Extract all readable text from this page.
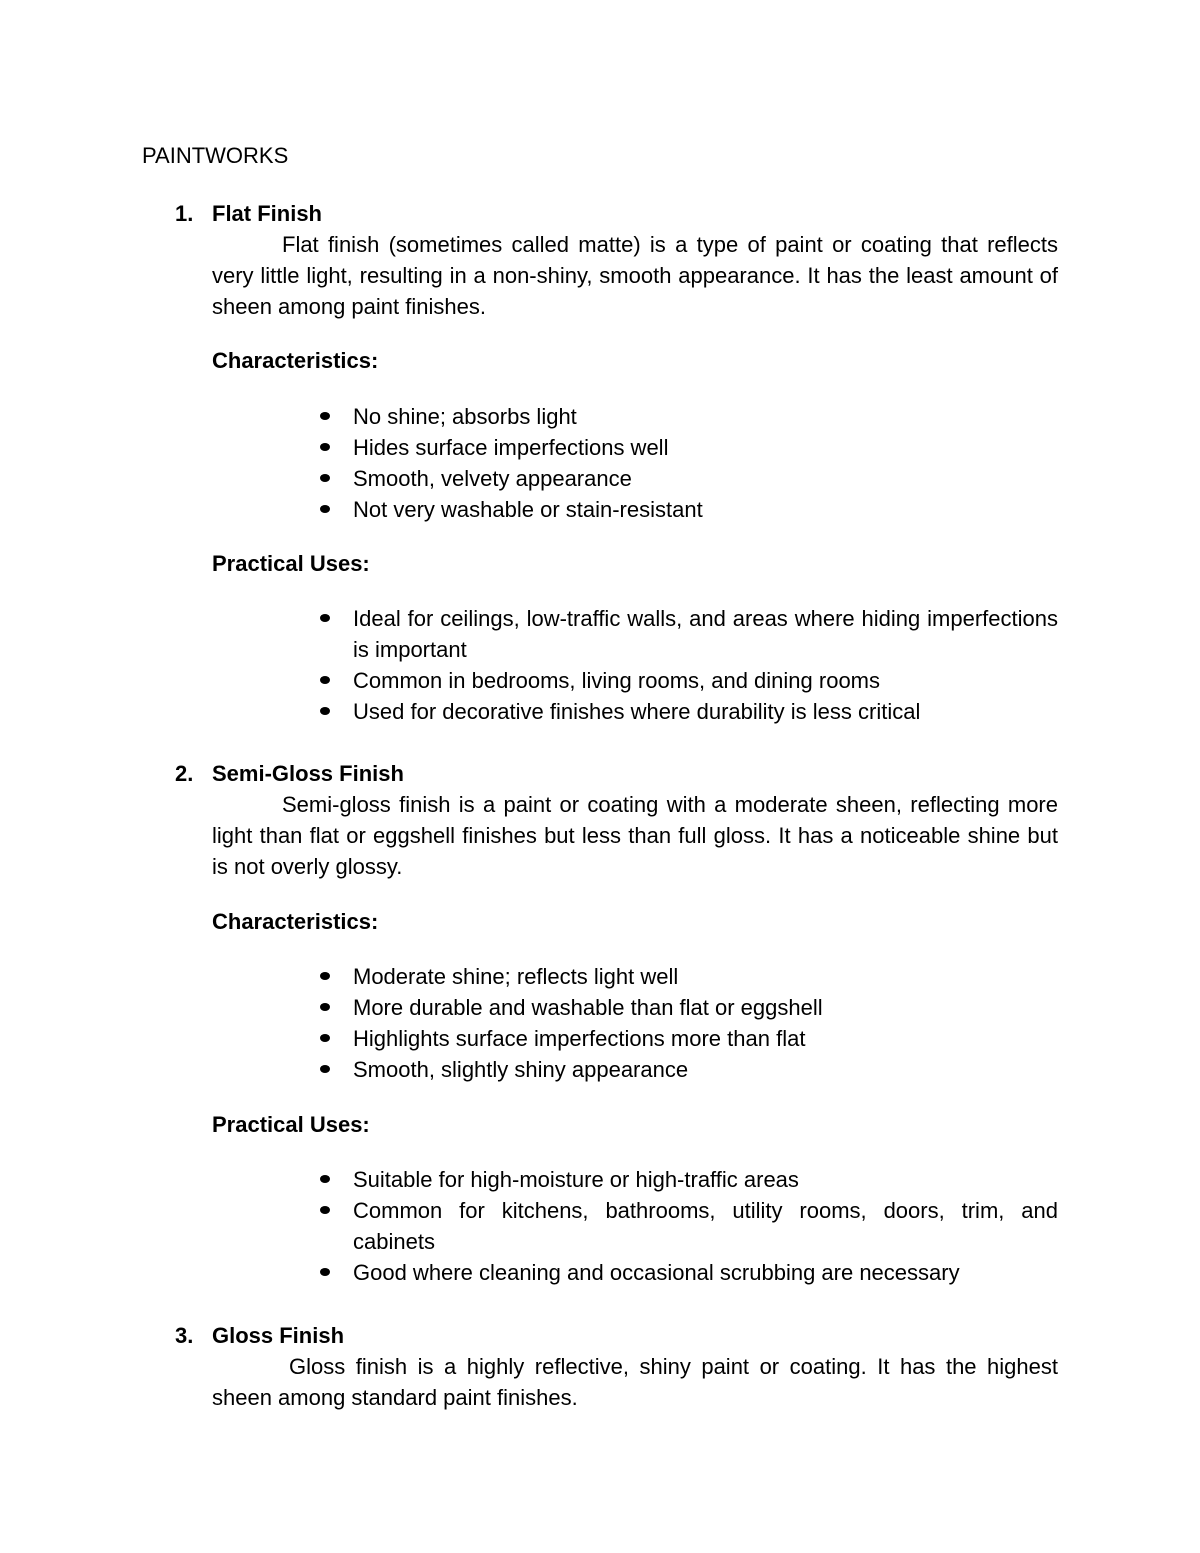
PAINTWORKS
1. Flat Finish

Flat finish (sometimes called matte) is a type of paint or coating that reflects very little light, resulting in a non-shiny, smooth appearance. It has the least amount of sheen among paint finishes.

Characteristics:
No shine; absorbs light
Hides surface imperfections well
Smooth, velvety appearance
Not very washable or stain-resistant
Practical Uses:
Ideal for ceilings, low-traffic walls, and areas where hiding imperfections is important
Common in bedrooms, living rooms, and dining rooms
Used for decorative finishes where durability is less critical
2. Semi-Gloss Finish

Semi-gloss finish is a paint or coating with a moderate sheen, reflecting more light than flat or eggshell finishes but less than full gloss. It has a noticeable shine but is not overly glossy.

Characteristics:
Moderate shine; reflects light well
More durable and washable than flat or eggshell
Highlights surface imperfections more than flat
Smooth, slightly shiny appearance
Practical Uses:
Suitable for high-moisture or high-traffic areas
Common for kitchens, bathrooms, utility rooms, doors, trim, and cabinets
Good where cleaning and occasional scrubbing are necessary
3. Gloss Finish

Gloss finish is a highly reflective, shiny paint or coating. It has the highest sheen among standard paint finishes.
